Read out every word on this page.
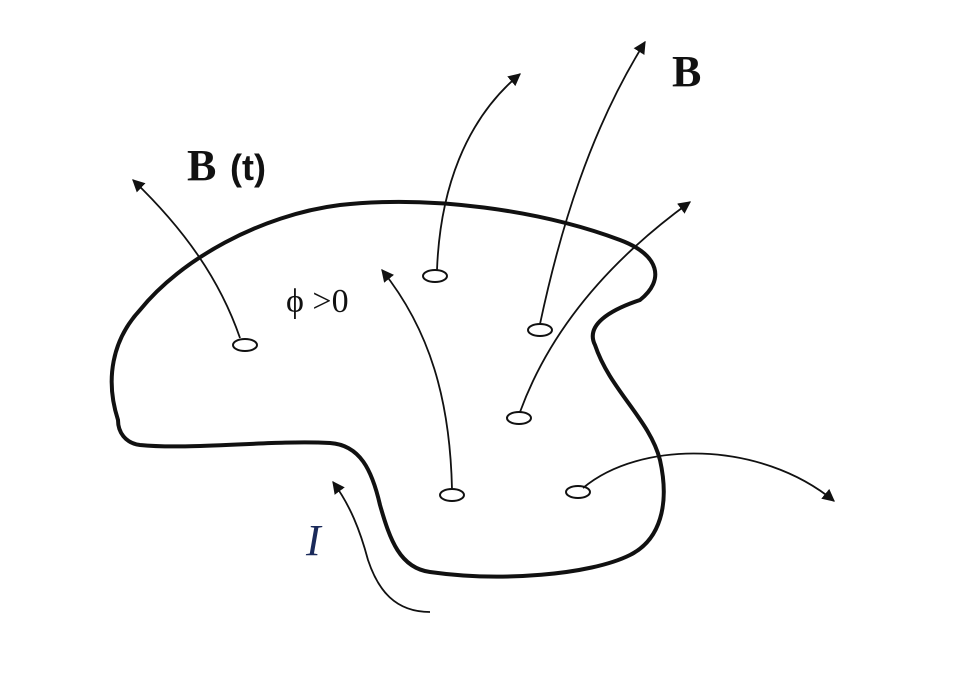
B (t)
B
ϕ >0
I
